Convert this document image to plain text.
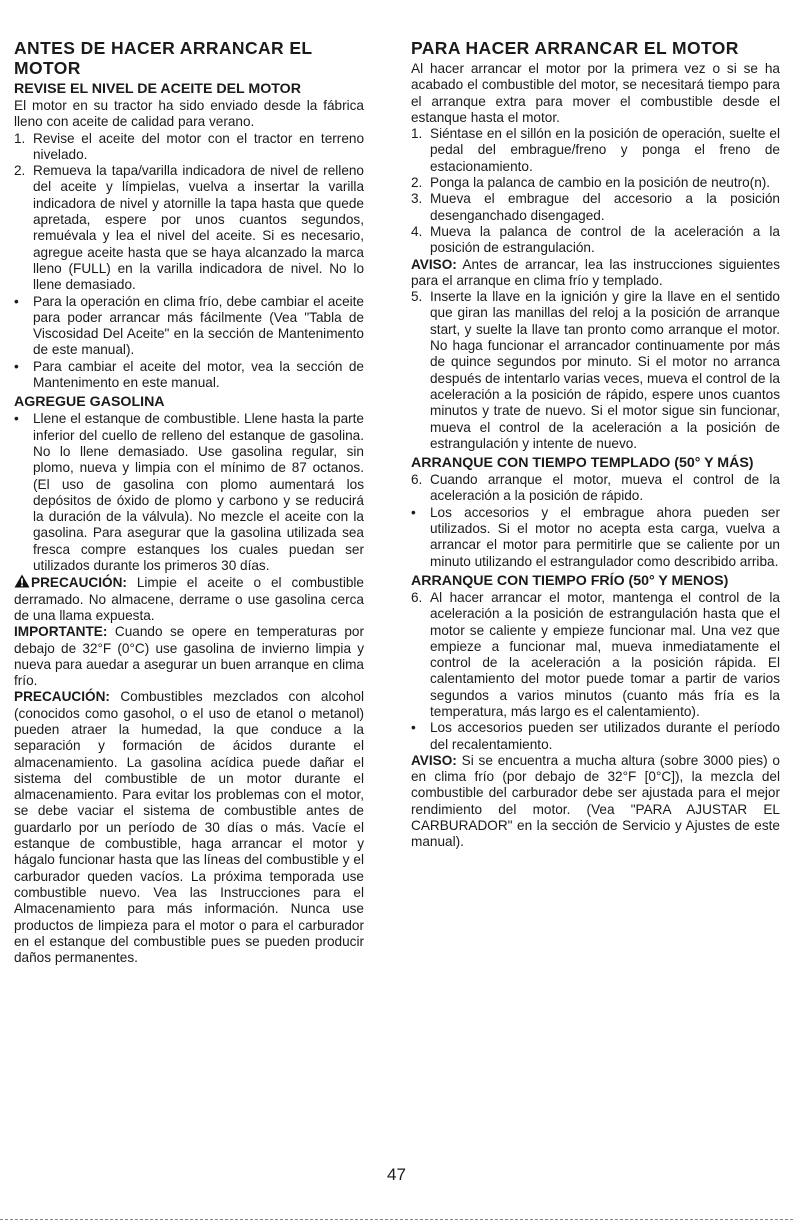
ANTES DE HACER ARRANCAR EL MOTOR
REVISE EL NIVEL DE ACEITE DEL MOTOR

El motor en su tractor ha sido enviado desde la fábrica lleno con aceite de calidad para verano.

1. Revise el aceite del motor con el tractor en terreno nivelado.
2. Remueva la tapa/varilla indicadora de nivel de relleno del aceite y límpielas, vuelva a insertar la varilla indicadora de nivel y atornille la tapa hasta que quede apretada, espere por unos cuantos segundos, remuévala y lea el nivel del aceite. Si es necesario, agregue aceite hasta que se haya alcanzado la marca lleno (FULL) en la varilla indicadora de nivel. No lo llene demasiado.
• Para la operación en clima frío, debe cambiar el aceite para poder arrancar más fácilmente (Vea "Tabla de Viscosidad Del Aceite" en la sección de Mantenimento de este manual).
• Para cambiar el aceite del motor, vea la sección de Mantenimento en este manual.
AGREGUE GASOLINA
• Llene el estanque de combustible. Llene hasta la parte inferior del cuello de relleno del estanque de gasolina. No lo llene demasiado. Use gasolina regular, sin plomo, nueva y limpia con el mínimo de 87 octanos. (El uso de gasolina con plomo aumentará los depósitos de óxido de plomo y carbono y se reducirá la duración de la válvula). No mezcle el aceite con la gasolina. Para asegurar que la gasolina utilizada sea fresca compre estanques los cuales puedan ser utilizados durante los primeros 30 días.

PRECAUCIÓN: Limpie el aceite o el combustible derramado. No almacene, derrame o use gasolina cerca de una llama expuesta.

IMPORTANTE: Cuando se opere en temperaturas por debajo de 32°F (0°C) use gasolina de invierno limpia y nueva para auedar a asegurar un buen arranque en clima frío.

PRECAUCIÓN: Combustibles mezclados con alcohol (conocidos como gasohol, o el uso de etanol o metanol) pueden atraer la humedad, la que conduce a la separación y formación de ácidos durante el almacenamiento. La gasolina acídica puede dañar el sistema del combustible de un motor durante el almacenamiento. Para evitar los problemas con el motor, se debe vaciar el sistema de combustible antes de guardarlo por un período de 30 días o más. Vacíe el estanque de combustible, haga arrancar el motor y hágalo funcionar hasta que las líneas del combustible y el carburador queden vacíos. La próxima temporada use combustible nuevo. Vea las Instrucciones para el Almacenamiento para más información. Nunca use productos de limpieza para el motor o para el carburador en el estanque del combustible pues se pueden producir daños permanentes.

PARA HACER ARRANCAR EL MOTOR

Al hacer arrancar el motor por la primera vez o si se ha acabado el combustible del motor, se necesitará tiempo para el arranque extra para mover el combustible desde el estanque hasta el motor.

1. Siéntase en el sillón en la posición de operación, suelte el pedal del embrague/freno y ponga el freno de estacionamiento.
2. Ponga la palanca de cambio en la posición de neutro(n).
3. Mueva el embrague del accesorio a la posición desenganchado disengaged.
4. Mueva la palanca de control de la aceleración a la posición de estrangulación.

AVISO: Antes de arrancar, lea las instrucciones siguientes para el arranque en clima frío y templado.

5. Inserte la llave en la ignición y gire la llave en el sentido que giran las manillas del reloj a la posición de arranque start, y suelte la llave tan pronto como arranque el motor. No haga funcionar el arrancador continuamente por más de quince segundos por minuto. Si el motor no arranca después de intentarlo varias veces, mueva el control de la aceleración a la posición de rápido, espere unos cuantos minutos y trate de nuevo. Si el motor sigue sin funcionar, mueva el control de la aceleración a la posición de estrangulación y intente de nuevo.
ARRANQUE CON TIEMPO TEMPLADO (50° Y MÁS)
6. Cuando arranque el motor, mueva el control de la aceleración a la posición de rápido.
• Los accesorios y el embrague ahora pueden ser utilizados. Si el motor no acepta esta carga, vuelva a arrancar el motor para permitirle que se caliente por un minuto utilizando el estrangulador como describido arriba.
ARRANQUE CON TIEMPO FRÍO (50° Y MENOS)
6. Al hacer arrancar el motor, mantenga el control de la aceleración a la posición de estrangulación hasta que el motor se caliente y empieze funcionar mal. Una vez que empieze a funcionar mal, mueva inmediatamente el control de la aceleración a la posición rápida. El calentamiento del motor puede tomar a partir de varios segundos a varios minutos (cuanto más fría es la temperatura, más largo es el calentamiento).
• Los accesorios pueden ser utilizados durante el período del recalentamiento.

AVISO: Si se encuentra a mucha altura (sobre 3000 pies) o en clima frío (por debajo de 32°F [0°C]), la mezcla del combustible del carburador debe ser ajustada para el mejor rendimiento del motor. (Vea "PARA AJUSTAR EL CARBURADOR" en la sección de Servicio y Ajustes de este manual).

47
